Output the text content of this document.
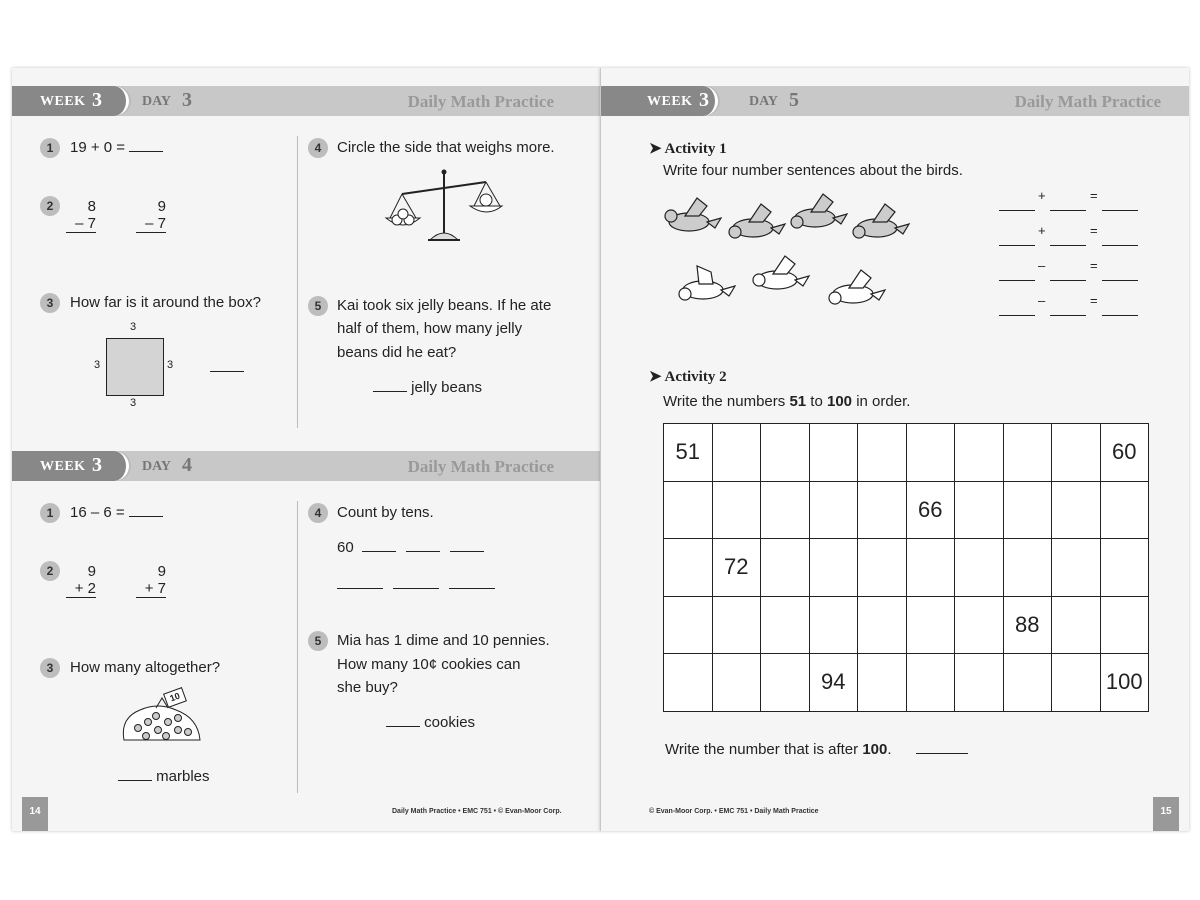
WEEK 3	DAY 3	Daily Math Practice
1	19 + 0 =
2	8
– 7
9
– 7
3	How far is it around the box?
3
3	3
3
4	Circle the side that weighs more.
5	Kai took six jelly beans. If he ate
half of them, how many jelly
beans did he eat?
jelly beans
WEEK 3	DAY 4	Daily Math Practice
1	16 – 6 =
2	9
+ 2
9
+ 7
3	How many altogether?
10
marbles
4	Count by tens.
60
5	Mia has 1 dime and 10 pennies.
How many 10¢ cookies can
she buy?
cookies
14	Daily Math Practice • EMC 751 • © Evan-Moor Corp.
WEEK 3	DAY 5	Daily Math Practice
➤ Activity 1
Write four number sentences about the birds.
+	=
+	=
–	=
–	=
➤ Activity 2
Write the numbers 51 to 100 in order.
51									60
					66				
	72								
							88		
			94						100
Write the number that is after 100.
© Evan-Moor Corp. • EMC 751 • Daily Math Practice	15
